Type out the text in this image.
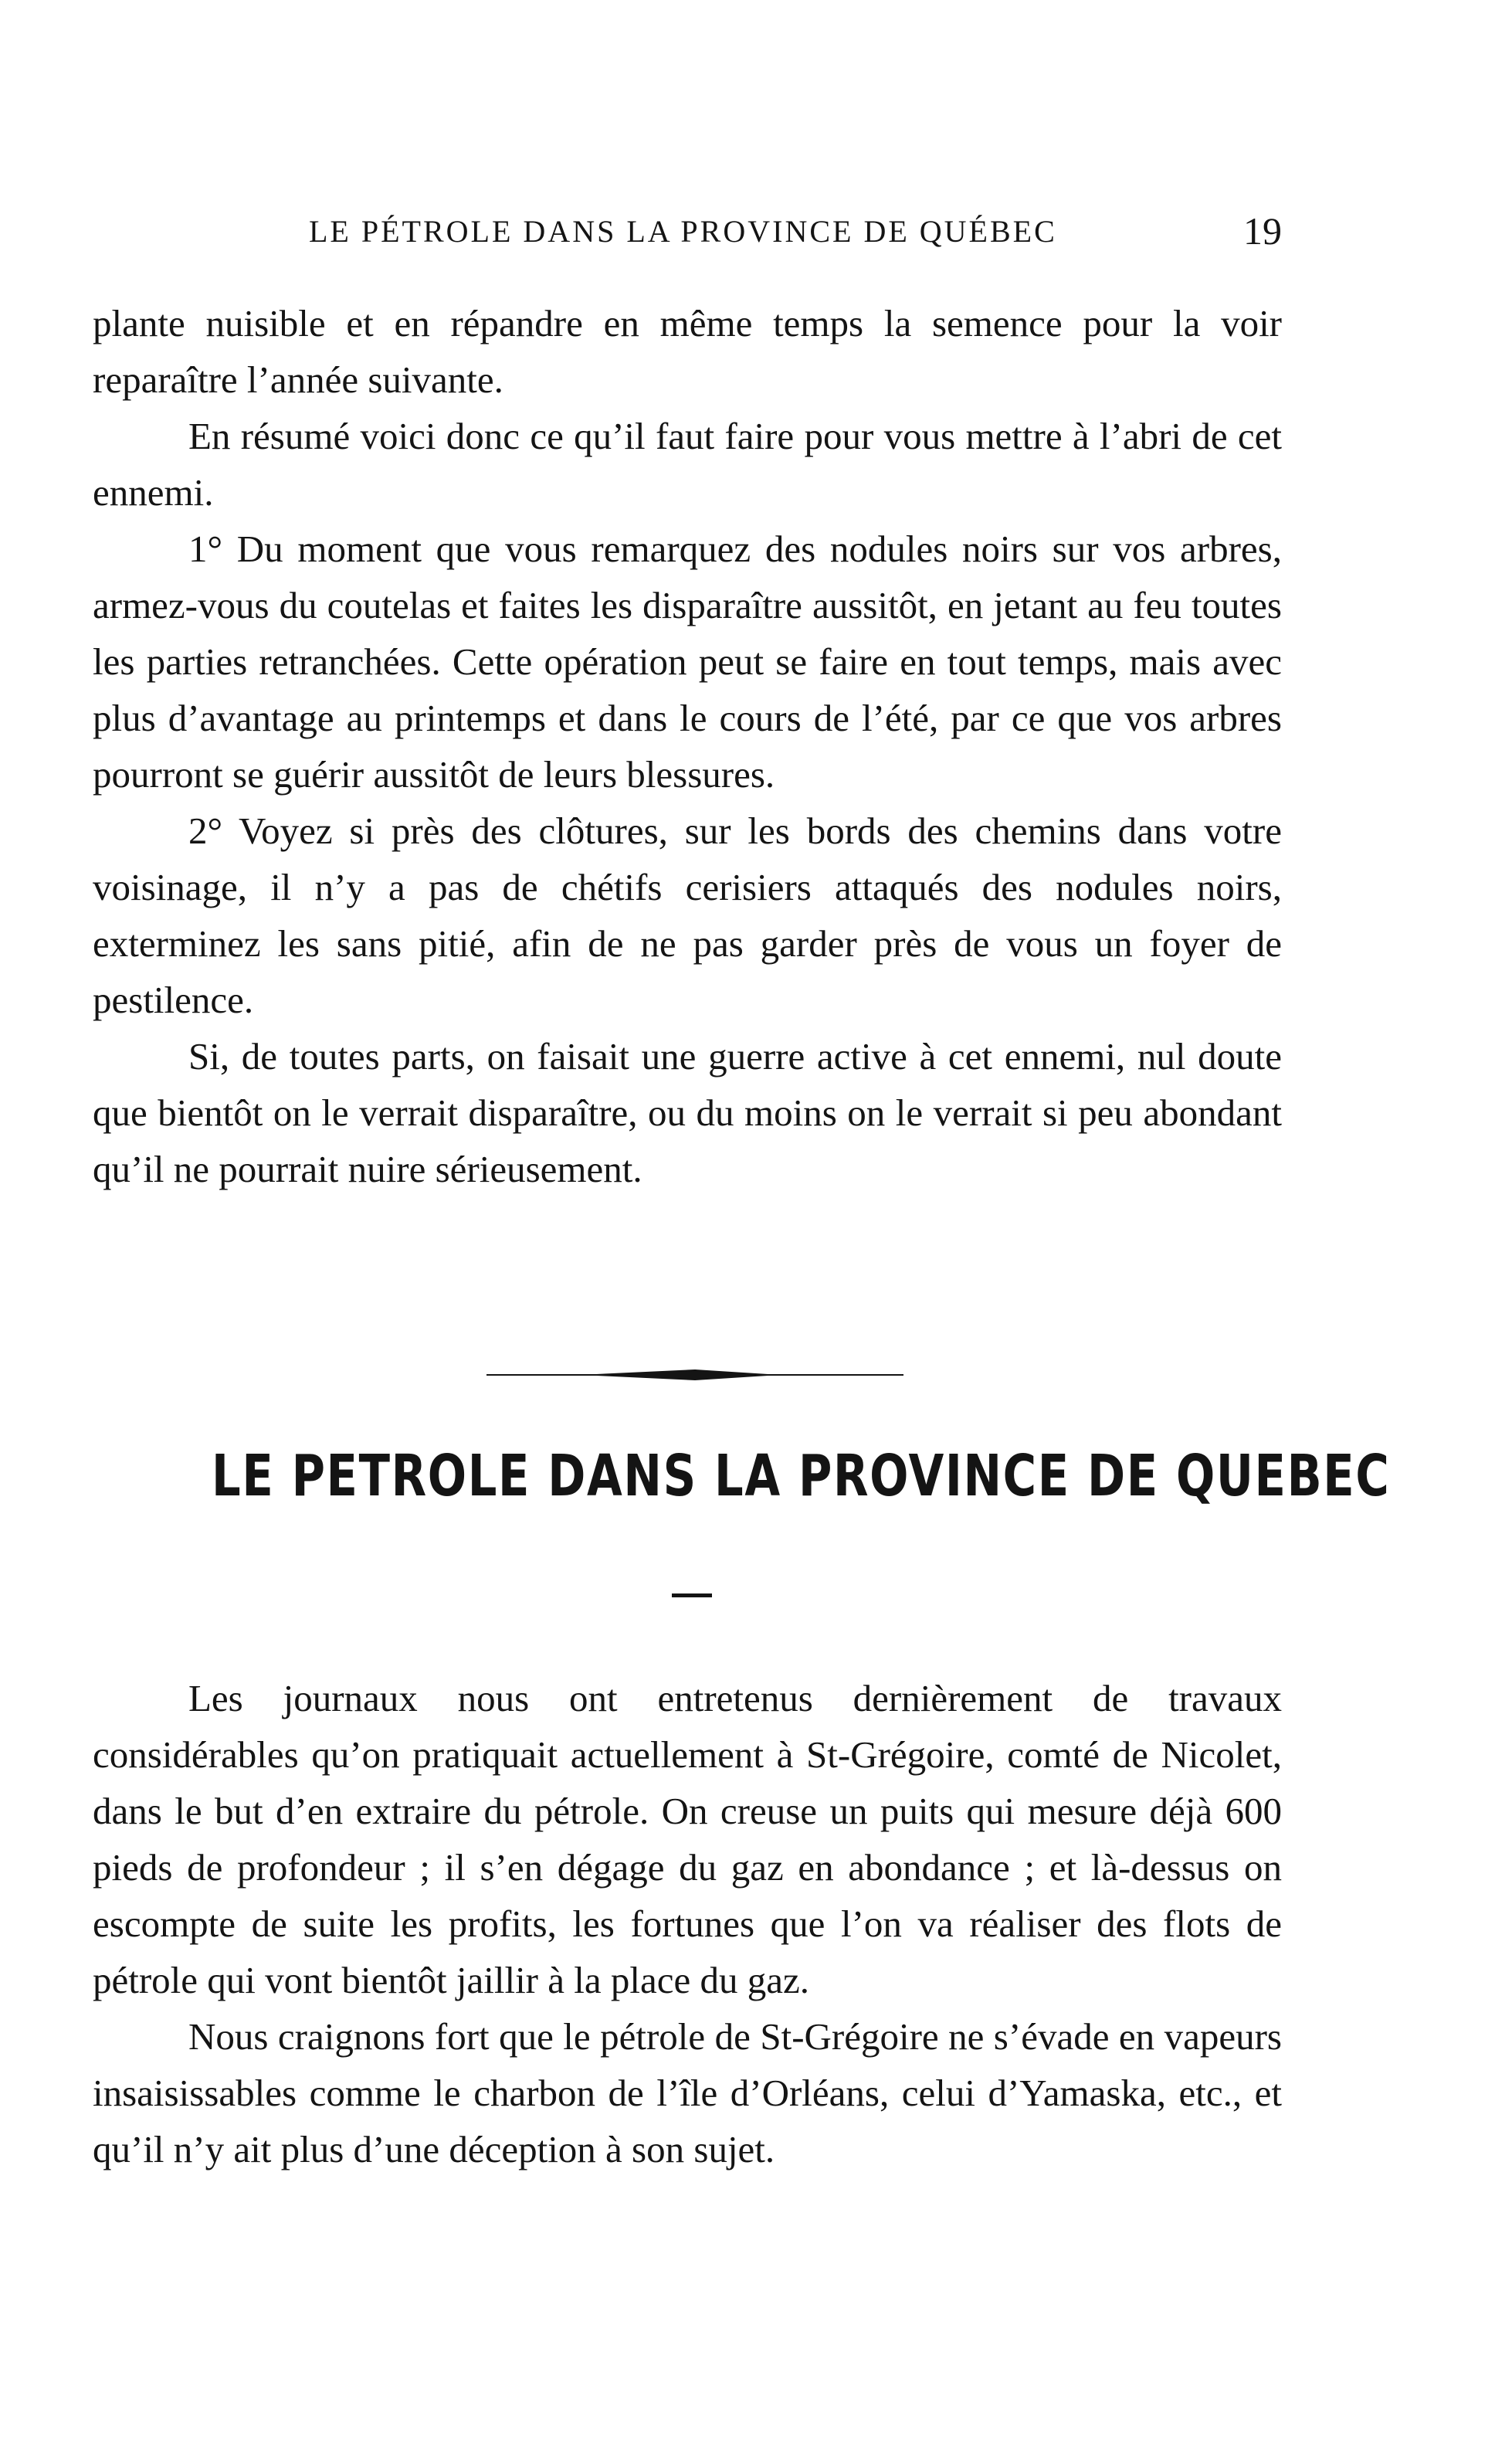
LE PÉTROLE DANS LA PROVINCE DE QUÉBEC	19

plante nuisible et en répandre en même temps la semence pour la voir reparaître l’année suivante.

En résumé voici donc ce qu’il faut faire pour vous mettre à l’abri de cet ennemi.

1° Du moment que vous remarquez des nodules noirs sur vos arbres, armez-vous du coutelas et faites les disparaître aussitôt, en jetant au feu toutes les parties retranchées. Cette opération peut se faire en tout temps, mais avec plus d’avantage au printemps et dans le cours de l’été, par ce que vos arbres pourront se guérir aussitôt de leurs blessures.

2° Voyez si près des clôtures, sur les bords des chemins dans votre voisinage, il n’y a pas de chétifs cerisiers attaqués des nodules noirs, exterminez les sans pitié, afin de ne pas garder près de vous un foyer de pestilence.

Si, de toutes parts, on faisait une guerre active à cet ennemi, nul doute que bientôt on le verrait disparaître, ou du moins on le verrait si peu abondant qu’il ne pourrait nuire sérieusement.

LE PETROLE DANS LA PROVINCE DE QUEBEC

Les journaux nous ont entretenus dernièrement de travaux considérables qu’on pratiquait actuellement à St-Grégoire, comté de Nicolet, dans le but d’en extraire du pétrole. On creuse un puits qui mesure déjà 600 pieds de profondeur ; il s’en dégage du gaz en abondance ; et là-dessus on escompte de suite les profits, les fortunes que l’on va réaliser des flots de pétrole qui vont bientôt jaillir à la place du gaz.

Nous craignons fort que le pétrole de St-Grégoire ne s’évade en vapeurs insaisissables comme le charbon de l’île d’Orléans, celui d’Yamaska, etc., et qu’il n’y ait plus d’une déception à son sujet.
